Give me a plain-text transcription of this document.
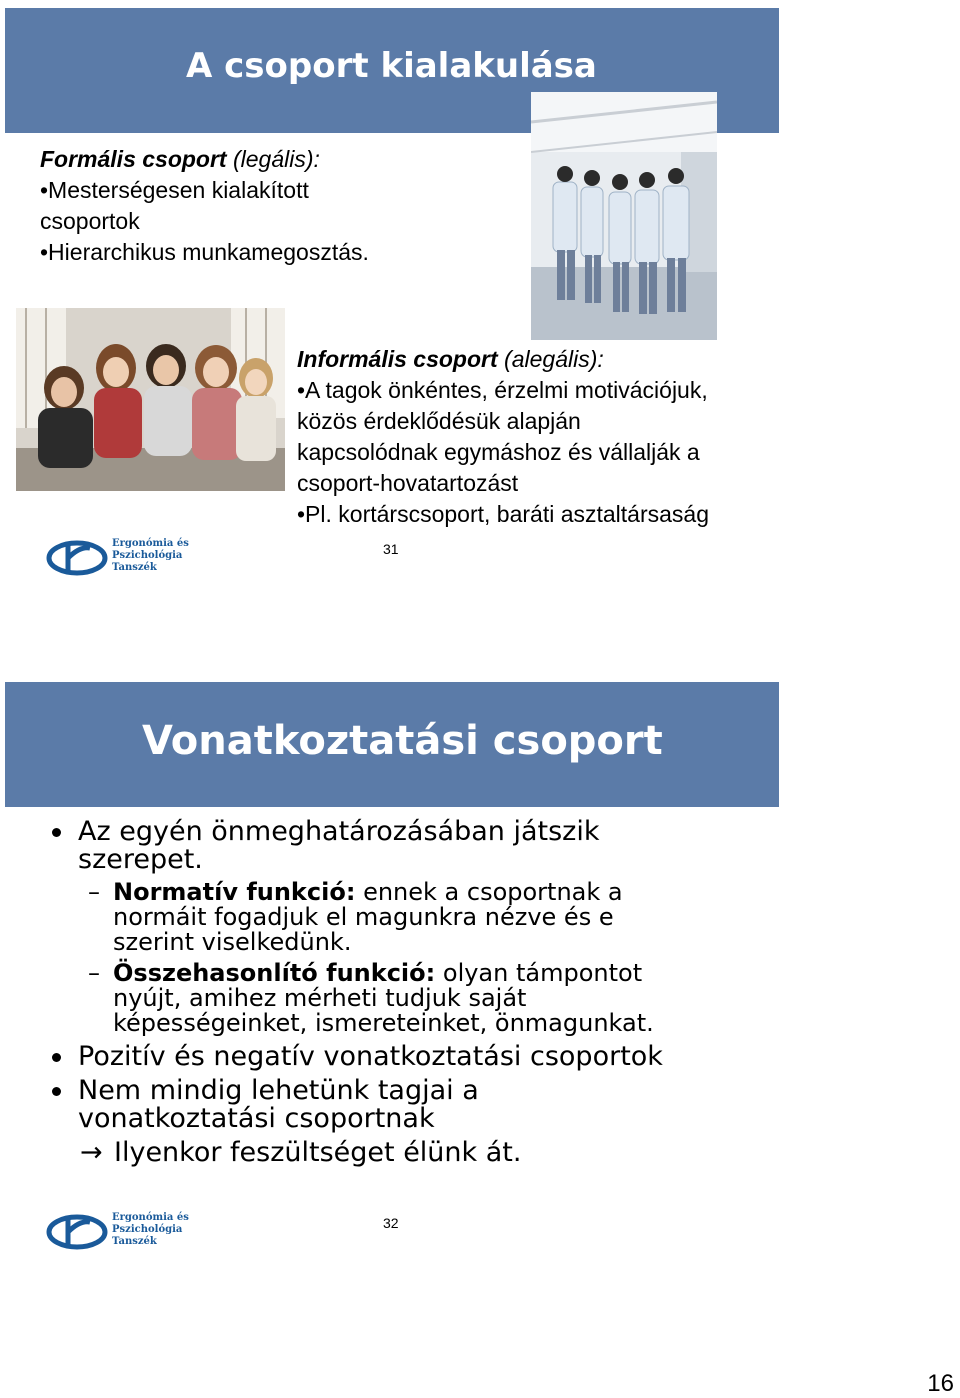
A csoport kialakulása
Formális csoport (legális):
•Mesterségesen kialakított
csoportok
•Hierarchikus munkamegosztás.
Informális csoport (alegális):
•A tagok önkéntes, érzelmi motivációjuk,
közös érdeklődésük alapján
kapcsolódnak egymáshoz és vállalják a
csoport-hovatartozást
•Pl. kortárscsoport, baráti asztaltársaság
Ergonómia és
Pszichológia
Tanszék
31
Vonatkoztatási csoport
Az egyén önmeghatározásában játszik
szerepet.
– Normatív funkció: ennek a csoportnak a
normáit fogadjuk el magunkra nézve és e
szerint viselkedünk.
– Összehasonlító funkció: olyan támpontot
nyújt, amihez mérheti tudjuk saját
képességeinket, ismereteinket, önmagunkat.
Pozitív és negatív vonatkoztatási csoportok
Nem mindig lehetünk tagjai a
vonatkoztatási csoportnak
→ Ilyenkor feszültséget élünk át.
Ergonómia és
Pszichológia
Tanszék
32
16
